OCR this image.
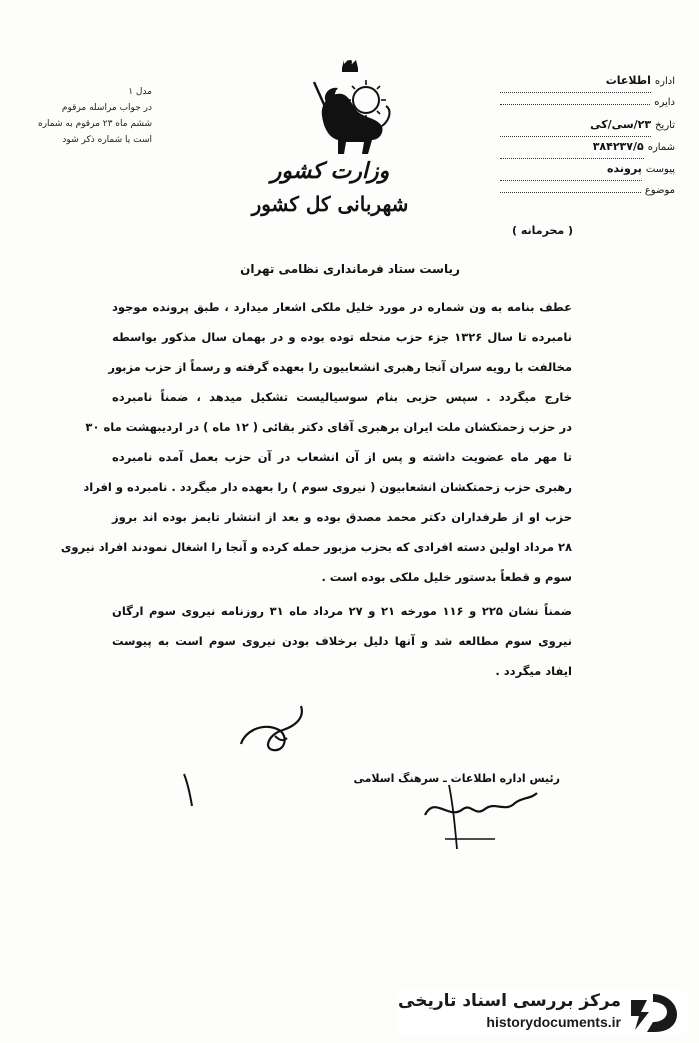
مدل ۱
در جواب مراسله مرقوم
ششم ماه ۲۳ مرقوم به شماره
است یا شماره ذکر شود
وزارت کشور
شهربانی کل کشور
اداره
اطلاعات
دایره
تاریخ
۲۳/سی/کی
شماره
۳۸۴۲۳۷/۵
پیوست
پرونده
موضوع
( محرمانه )
ریاست ستاد فرمانداری نظامی تهران
عطف بنامه به ون شماره در مورد خلیل ملکی اشعار میدارد ، طبق پرونده موجود
نامبرده تا سال ۱۳۲۶ جزء حزب منحله توده بوده و در بهمان سال مذکور بواسطه
مخالفت با رویه سران آنجا رهبری انشعابیون را بعهده گرفته و رسماً از حزب مزبور
خارج میگردد . سپس حزبی بنام سوسیالیست تشکیل میدهد ، ضمناً نامبرده
در حزب زحمتکشان ملت ایران برهبری آقای دکتر بقائی ( ۱۲ ماه ) در اردیبهشت ماه ۳۰
تا مهر ماه عضویت داشته و پس از آن انشعاب در آن حزب بعمل آمده نامبرده
رهبری حزب زحمتکشان انشعابیون ( نیروی سوم ) را بعهده دار میگردد . نامبرده و افراد
حزب او از طرفداران دکتر محمد مصدق بوده و بعد از انتشار تایمز بوده اند بروز
۲۸ مرداد اولین دسته افرادی که بحزب مزبور حمله کرده و آنجا را اشغال نمودند افراد نیروی
سوم و قطعاً بدستور خلیل ملکی بوده است .
ضمناً نشان ۲۲۵ و ۱۱۶ مورخه ۲۱ و ۲۷ مرداد ماه ۳۱ روزنامه نیروی سوم ارگان
نیروی سوم مطالعه شد و آنها دلیل برخلاف بودن نیروی سوم است به پیوست
ایفاد میگردد .
رئیس اداره اطلاعات ـ سرهنگ اسلامی
مرکز بررسی اسناد تاریخی
historydocuments.ir
